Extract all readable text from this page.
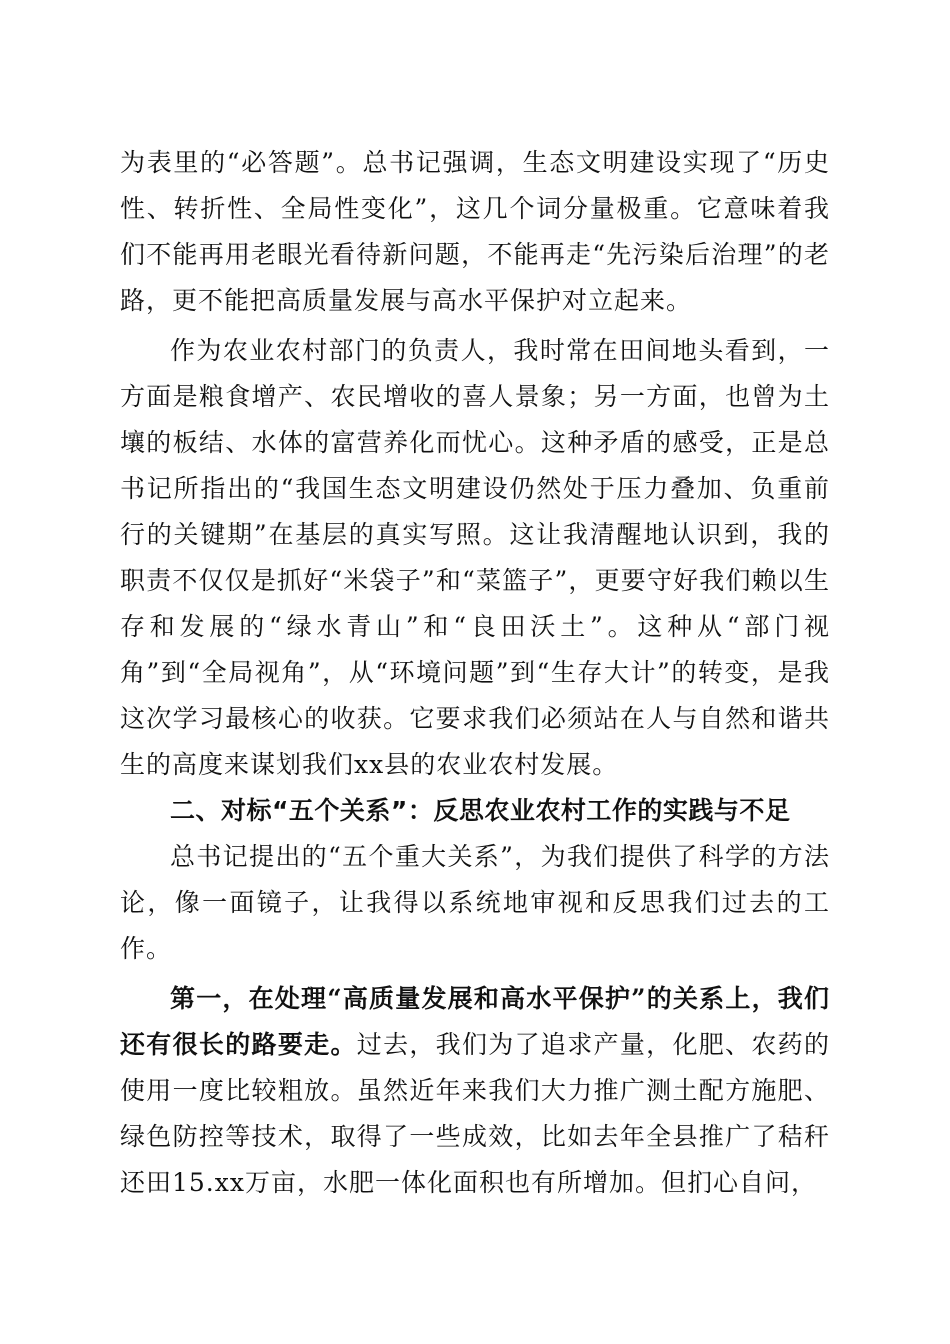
为表里的“必答题”。总书记强调，生态文明建设实现了“历史性、转折性、全局性变化”，这几个词分量极重。它意味着我们不能再用老眼光看待新问题，不能再走“先污染后治理”的老路，更不能把高质量发展与高水平保护对立起来。

作为农业农村部门的负责人，我时常在田间地头看到，一方面是粮食增产、农民增收的喜人景象；另一方面，也曾为土壤的板结、水体的富营养化而忧心。这种矛盾的感受，正是总书记所指出的“我国生态文明建设仍然处于压力叠加、负重前行的关键期”在基层的真实写照。这让我清醒地认识到，我的职责不仅仅是抓好“米袋子”和“菜篮子”，更要守好我们赖以生存和发展的“绿水青山”和“良田沃土”。这种从“部门视角”到“全局视角”，从“环境问题”到“生存大计”的转变，是我这次学习最核心的收获。它要求我们必须站在人与自然和谐共生的高度来谋划我们xx县的农业农村发展。

二、对标“五个关系”：反思农业农村工作的实践与不足

总书记提出的“五个重大关系”，为我们提供了科学的方法论，像一面镜子，让我得以系统地审视和反思我们过去的工作。

第一，在处理“高质量发展和高水平保护”的关系上，我们还有很长的路要走。过去，我们为了追求产量，化肥、农药的使用一度比较粗放。虽然近年来我们大力推广测土配方施肥、绿色防控等技术，取得了一些成效，比如去年全县推广了秸秆还田15.xx万亩，水肥一体化面积也有所增加。但扪心自问，
